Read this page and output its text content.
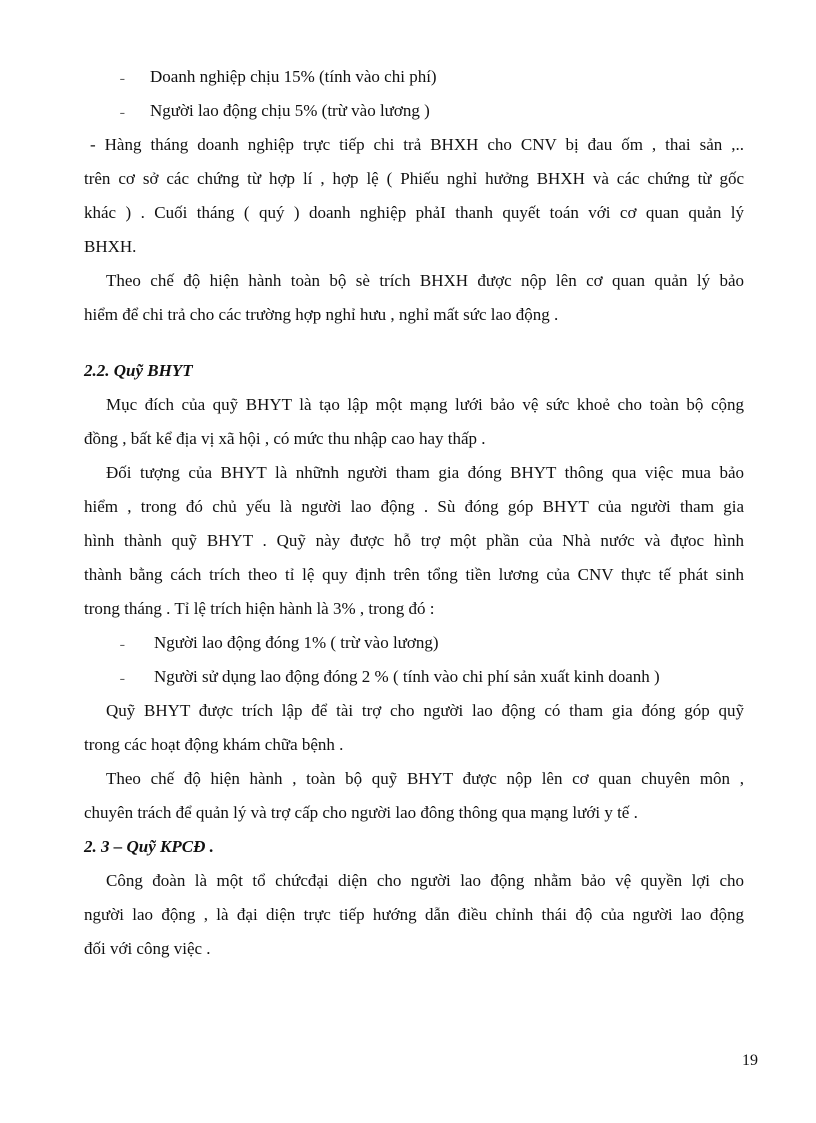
˗	Doanh nghiệp chịu 15% (tính vào chi phí)
˗	Người lao động chịu 5% (trừ vào lương )
- Hàng tháng doanh nghiệp trực tiếp chi trả BHXH cho CNV bị đau ốm , thai sản ,..
trên cơ sở các chứng từ hợp lí , hợp lệ ( Phiếu nghỉ hưởng BHXH và các chứng từ gốc
khác ) . Cuối tháng ( quý ) doanh nghiệp phảI thanh quyết toán với cơ quan quản lý
BHXH.
Theo chế độ hiện hành toàn bộ sè trích BHXH được nộp lên cơ quan quản lý bảo
hiểm để chi trả cho các trường hợp nghỉ hưu , nghỉ mất sức lao động .
2.2. Quỹ BHYT
Mục đích của quỹ BHYT là tạo lập một mạng lưới bảo vệ sức khoẻ cho toàn bộ cộng
đồng , bất kể địa vị xã hội , có mức thu nhập cao hay thấp .
Đối tượng của BHYT là nhữnh người tham gia đóng BHYT thông qua việc mua bảo
hiểm , trong đó chủ yếu là người lao động . Sù đóng góp BHYT của người tham gia
hình thành quỹ BHYT . Quỹ này được hỗ trợ một phần của Nhà nước và đựoc hình
thành bằng cách trích theo tỉ lệ quy định trên tổng tiền lương của CNV thực tế phát sinh
trong tháng . Tỉ lệ trích hiện hành là 3% , trong đó :
˗	Người lao động đóng 1% ( trừ vào lương)
˗	Người sử dụng lao động đóng 2 % ( tính vào chi phí sản xuất kinh doanh )
Quỹ BHYT được trích lập để tài trợ cho người lao động có tham gia đóng góp quỹ
trong các hoạt động khám chữa bệnh .
Theo chế độ hiện hành , toàn bộ quỹ BHYT được nộp lên cơ quan chuyên môn ,
chuyên trách để quản lý và trợ cấp cho người lao đông thông qua mạng lưới y tế .
2. 3 – Quỹ KPCĐ .
Công đoàn là một tổ chứcđại diện cho người lao động nhằm bảo vệ quyền lợi cho
người lao động , là đại diện trực tiếp hướng dẫn điều chỉnh thái độ của người lao động
đối với công việc .
19
